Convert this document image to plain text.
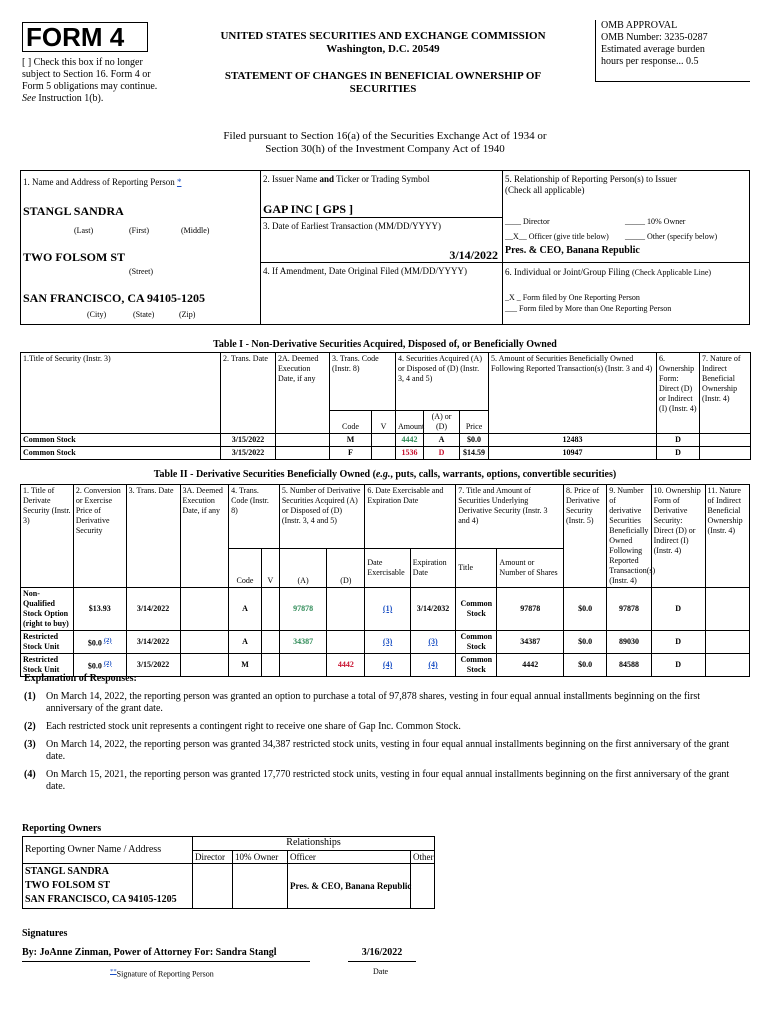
FORM 4
[ ] Check this box if no longer subject to Section 16. Form 4 or Form 5 obligations may continue. See Instruction 1(b).
UNITED STATES SECURITIES AND EXCHANGE COMMISSION
Washington, D.C. 20549
STATEMENT OF CHANGES IN BENEFICIAL OWNERSHIP OF SECURITIES
OMB APPROVAL
OMB Number: 3235-0287
Estimated average burden
hours per response... 0.5
Filed pursuant to Section 16(a) of the Securities Exchange Act of 1934 or
Section 30(h) of the Investment Company Act of 1940
1. Name and Address of Reporting Person *
STANGL SANDRA
(Last)	(First)	(Middle)
TWO FOLSOM ST
(Street)
SAN FRANCISCO, CA 94105-1205
(City)	(State)	(Zip)
2. Issuer Name and Ticker or Trading Symbol
GAP INC [ GPS ]
3. Date of Earliest Transaction (MM/DD/YYYY)
3/14/2022
4. If Amendment, Date Original Filed (MM/DD/YYYY)
5. Relationship of Reporting Person(s) to Issuer
(Check all applicable)
____ Director	_____ 10% Owner
__X__ Officer (give title below) _____ Other (specify below)
Pres. & CEO, Banana Republic
6. Individual or Joint/Group Filing (Check Applicable Line)
_X _ Form filed by One Reporting Person
___ Form filed by More than One Reporting Person
Table I - Non-Derivative Securities Acquired, Disposed of, or Beneficially Owned
1.Title of Security (Instr. 3)	2. Trans. Date	2A. Deemed Execution Date, if any	3. Trans. Code (Instr. 8)		4. Securities Acquired (A) or Disposed of (D) (Instr. 3, 4 and 5)			5. Amount of Securities Beneficially Owned Following Reported Transaction(s) (Instr. 3 and 4)	6. Ownership Form: Direct (D) or Indirect (I) (Instr. 4)	7. Nature of Indirect Beneficial Ownership (Instr. 4)
			Code	V	Amount	(A) or (D)	Price			
Common Stock	3/15/2022		M		4442	A	$0.0	12483	D	
Common Stock	3/15/2022		F		1536	D	$14.59	10947	D	
Table II - Derivative Securities Beneficially Owned (e.g., puts, calls, warrants, options, convertible securities)
1. Title of Derivate Security (Instr. 3)	2. Conversion or Exercise Price of Derivative Security	3. Trans. Date	3A. Deemed Execution Date, if any	4. Trans. Code (Instr. 8)		5. Number of Derivative Securities Acquired (A) or Disposed of (D) (Instr. 3, 4 and 5)		6. Date Exercisable and Expiration Date		7. Title and Amount of Securities Underlying Derivative Security (Instr. 3 and 4)		8. Price of Derivative Security (Instr. 5)	9. Number of derivative Securities Beneficially Owned Following Reported Transaction(s) (Instr. 4)	10. Ownership Form of Derivative Security: Direct (D) or Indirect (I) (Instr. 4)	11. Nature of Indirect Beneficial Ownership (Instr. 4)
				Code	V	(A)	(D)	Date Exercisable	Expiration Date	Title	Amount or Number of Shares				
Non-Qualified Stock Option (right to buy)	$13.93	3/14/2022		A		97878		(1)	3/14/2032	Common Stock	97878	$0.0	97878	D	
Restricted Stock Unit	$0.0 $^{(2)}$	3/14/2022		A		34387		(3)	(3)	Common Stock	34387	$0.0	89030	D	
Restricted Stock Unit	$0.0 $^{(2)}$	3/15/2022		M			4442	(4)	(4)	Common Stock	4442	$0.0	84588	D	
Explanation of Responses:
(1)	On March 14, 2022, the reporting person was granted an option to purchase a total of 97,878 shares, vesting in four equal annual installments beginning on the first anniversary of the grant date.
(2)	Each restricted stock unit represents a contingent right to receive one share of Gap Inc. Common Stock.
(3)	On March 14, 2022, the reporting person was granted 34,387 restricted stock units, vesting in four equal annual installments beginning on the first anniversary of the grant date.
(4)	On March 15, 2021, the reporting person was granted 17,770 restricted stock units, vesting in four equal annual installments beginning on the first anniversary of the grant date.
Reporting Owners
Reporting Owner Name / Address	Relationships			
	Director	10% Owner	Officer	Other

STANGL SANDRA
TWO FOLSOM ST
SAN FRANCISCO, CA 94105-1205			Pres. & CEO, Banana Republic	
Signatures
By: JoAnne Zinman, Power of Attorney For: Sandra Stangl	3/16/2022
**Signature of Reporting Person	Date
